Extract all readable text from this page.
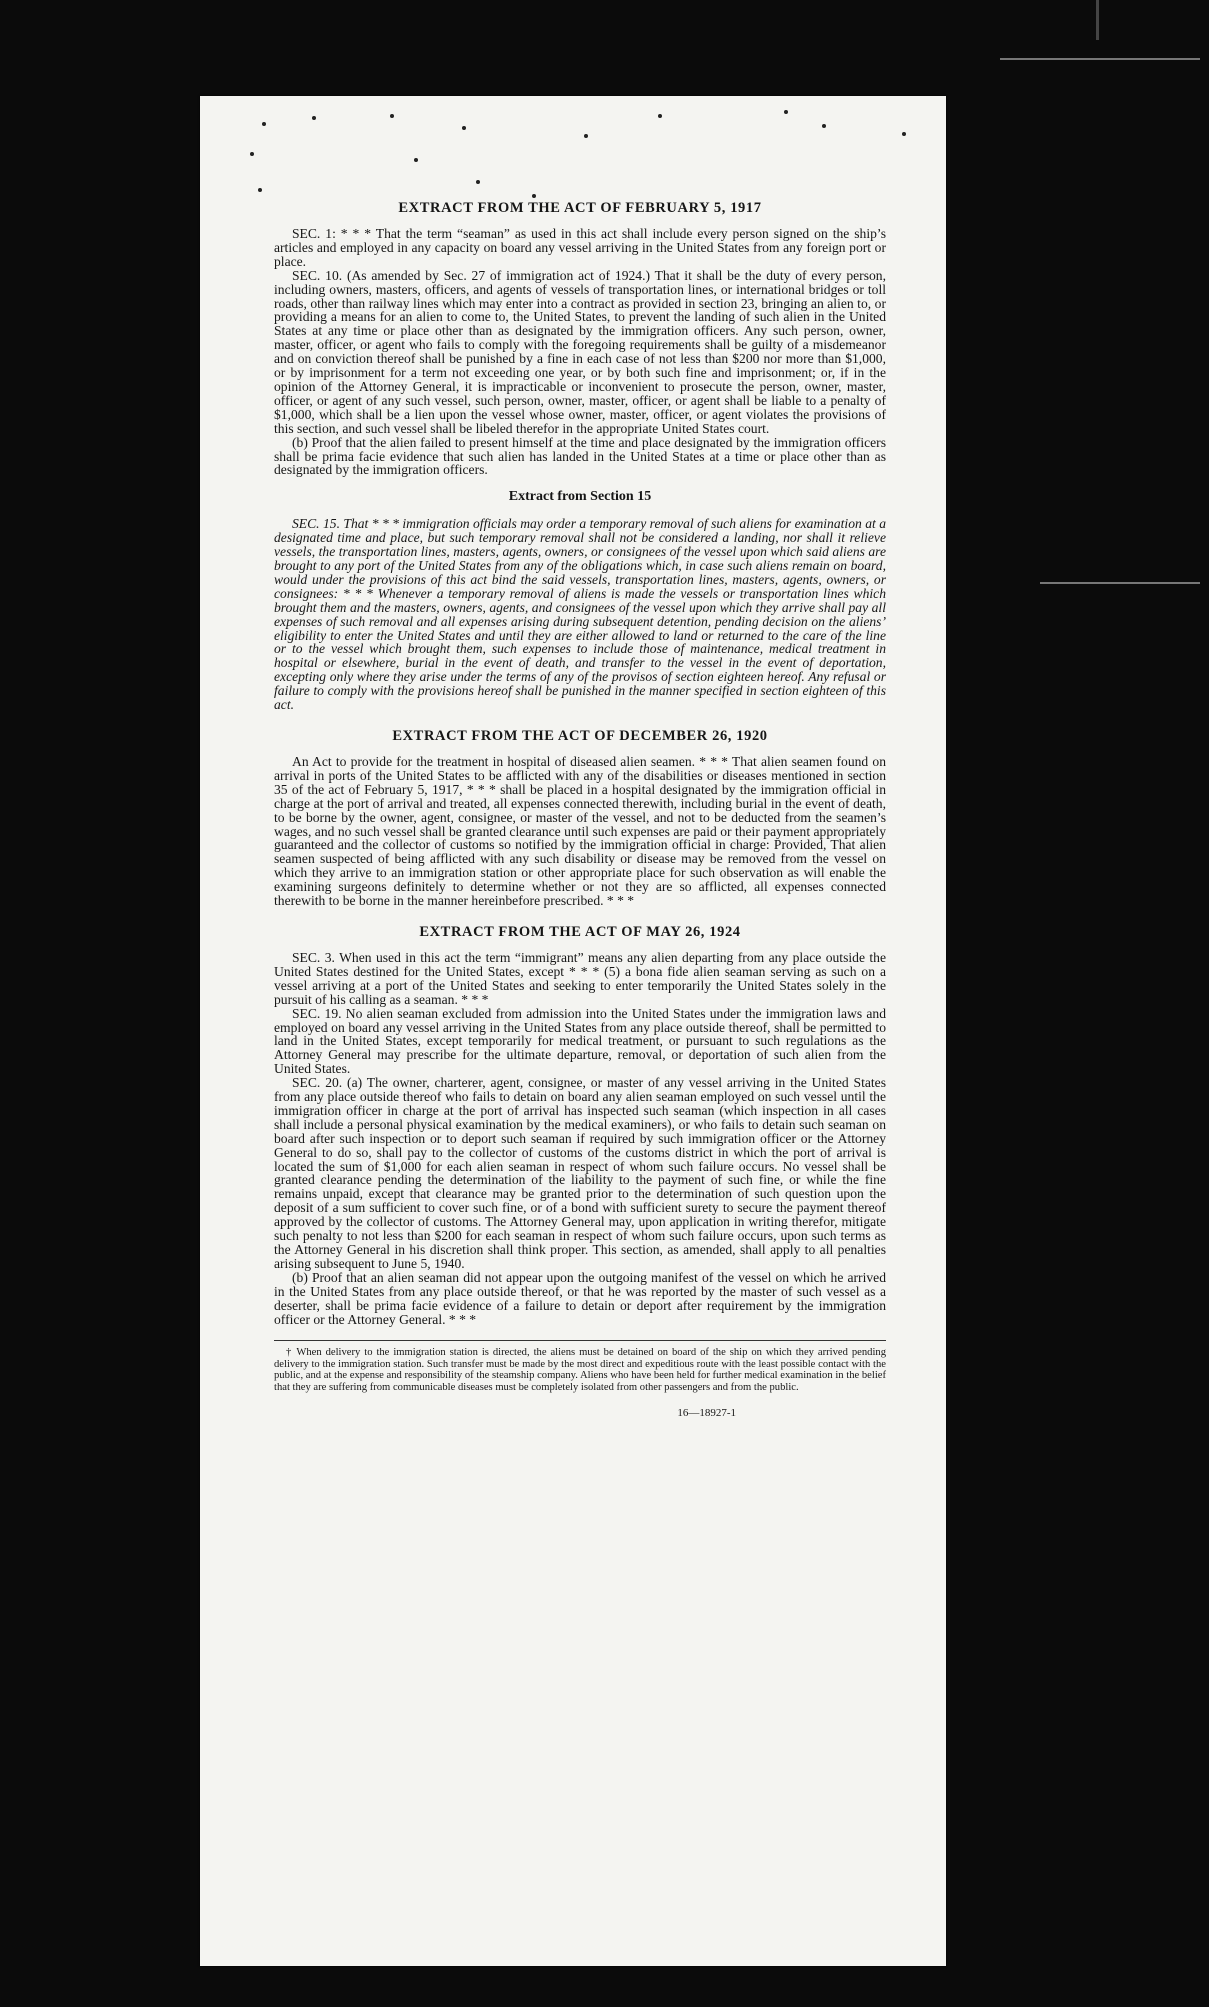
EXTRACT FROM THE ACT OF FEBRUARY 5, 1917

SEC. 1: * * * That the term “seaman” as used in this act shall include every person signed on the ship’s articles and employed in any capacity on board any vessel arriving in the United States from any foreign port or place.

SEC. 10. (As amended by Sec. 27 of immigration act of 1924.) That it shall be the duty of every person, including owners, masters, officers, and agents of vessels of transportation lines, or international bridges or toll roads, other than railway lines which may enter into a contract as provided in section 23, bringing an alien to, or providing a means for an alien to come to, the United States, to prevent the landing of such alien in the United States at any time or place other than as designated by the immigration officers. Any such person, owner, master, officer, or agent who fails to comply with the foregoing requirements shall be guilty of a misdemeanor and on conviction thereof shall be punished by a fine in each case of not less than $200 nor more than $1,000, or by imprisonment for a term not exceeding one year, or by both such fine and imprisonment; or, if in the opinion of the Attorney General, it is impracticable or inconvenient to prosecute the person, owner, master, officer, or agent of any such vessel, such person, owner, master, officer, or agent shall be liable to a penalty of $1,000, which shall be a lien upon the vessel whose owner, master, officer, or agent violates the provisions of this section, and such vessel shall be libeled therefor in the appropriate United States court.

(b) Proof that the alien failed to present himself at the time and place designated by the immigration officers shall be prima facie evidence that such alien has landed in the United States at a time or place other than as designated by the immigration officers.

Extract from Section 15

SEC. 15. That * * * immigration officials may order a temporary removal of such aliens for examination at a designated time and place, but such temporary removal shall not be considered a landing, nor shall it relieve vessels, the transportation lines, masters, agents, owners, or consignees of the vessel upon which said aliens are brought to any port of the United States from any of the obligations which, in case such aliens remain on board, would under the provisions of this act bind the said vessels, transportation lines, masters, agents, owners, or consignees: * * * Whenever a temporary removal of aliens is made the vessels or transportation lines which brought them and the masters, owners, agents, and consignees of the vessel upon which they arrive shall pay all expenses of such removal and all expenses arising during subsequent detention, pending decision on the aliens’ eligibility to enter the United States and until they are either allowed to land or returned to the care of the line or to the vessel which brought them, such expenses to include those of maintenance, medical treatment in hospital or elsewhere, burial in the event of death, and transfer to the vessel in the event of deportation, excepting only where they arise under the terms of any of the provisos of section eighteen hereof. Any refusal or failure to comply with the provisions hereof shall be punished in the manner specified in section eighteen of this act.

EXTRACT FROM THE ACT OF DECEMBER 26, 1920

An Act to provide for the treatment in hospital of diseased alien seamen. * * * That alien seamen found on arrival in ports of the United States to be afflicted with any of the disabilities or diseases mentioned in section 35 of the act of February 5, 1917, * * * shall be placed in a hospital designated by the immigration official in charge at the port of arrival and treated, all expenses connected therewith, including burial in the event of death, to be borne by the owner, agent, consignee, or master of the vessel, and not to be deducted from the seamen’s wages, and no such vessel shall be granted clearance until such expenses are paid or their payment appropriately guaranteed and the collector of customs so notified by the immigration official in charge: Provided, That alien seamen suspected of being afflicted with any such disability or disease may be removed from the vessel on which they arrive to an immigration station or other appropriate place for such observation as will enable the examining surgeons definitely to determine whether or not they are so afflicted, all expenses connected therewith to be borne in the manner hereinbefore prescribed. * * *

EXTRACT FROM THE ACT OF MAY 26, 1924

SEC. 3. When used in this act the term “immigrant” means any alien departing from any place outside the United States destined for the United States, except * * * (5) a bona fide alien seaman serving as such on a vessel arriving at a port of the United States and seeking to enter temporarily the United States solely in the pursuit of his calling as a seaman. * * *

SEC. 19. No alien seaman excluded from admission into the United States under the immigration laws and employed on board any vessel arriving in the United States from any place outside thereof, shall be permitted to land in the United States, except temporarily for medical treatment, or pursuant to such regulations as the Attorney General may prescribe for the ultimate departure, removal, or deportation of such alien from the United States.

SEC. 20. (a) The owner, charterer, agent, consignee, or master of any vessel arriving in the United States from any place outside thereof who fails to detain on board any alien seaman employed on such vessel until the immigration officer in charge at the port of arrival has inspected such seaman (which inspection in all cases shall include a personal physical examination by the medical examiners), or who fails to detain such seaman on board after such inspection or to deport such seaman if required by such immigration officer or the Attorney General to do so, shall pay to the collector of customs of the customs district in which the port of arrival is located the sum of $1,000 for each alien seaman in respect of whom such failure occurs. No vessel shall be granted clearance pending the determination of the liability to the payment of such fine, or while the fine remains unpaid, except that clearance may be granted prior to the determination of such question upon the deposit of a sum sufficient to cover such fine, or of a bond with sufficient surety to secure the payment thereof approved by the collector of customs. The Attorney General may, upon application in writing therefor, mitigate such penalty to not less than $200 for each seaman in respect of whom such failure occurs, upon such terms as the Attorney General in his discretion shall think proper. This section, as amended, shall apply to all penalties arising subsequent to June 5, 1940.

(b) Proof that an alien seaman did not appear upon the outgoing manifest of the vessel on which he arrived in the United States from any place outside thereof, or that he was reported by the master of such vessel as a deserter, shall be prima facie evidence of a failure to detain or deport after requirement by the immigration officer or the Attorney General. * * *

† When delivery to the immigration station is directed, the aliens must be detained on board of the ship on which they arrived pending delivery to the immigration station. Such transfer must be made by the most direct and expeditious route with the least possible contact with the public, and at the expense and responsibility of the steamship company. Aliens who have been held for further medical examination in the belief that they are suffering from communicable diseases must be completely isolated from other passengers and from the public.

16—18927-1
